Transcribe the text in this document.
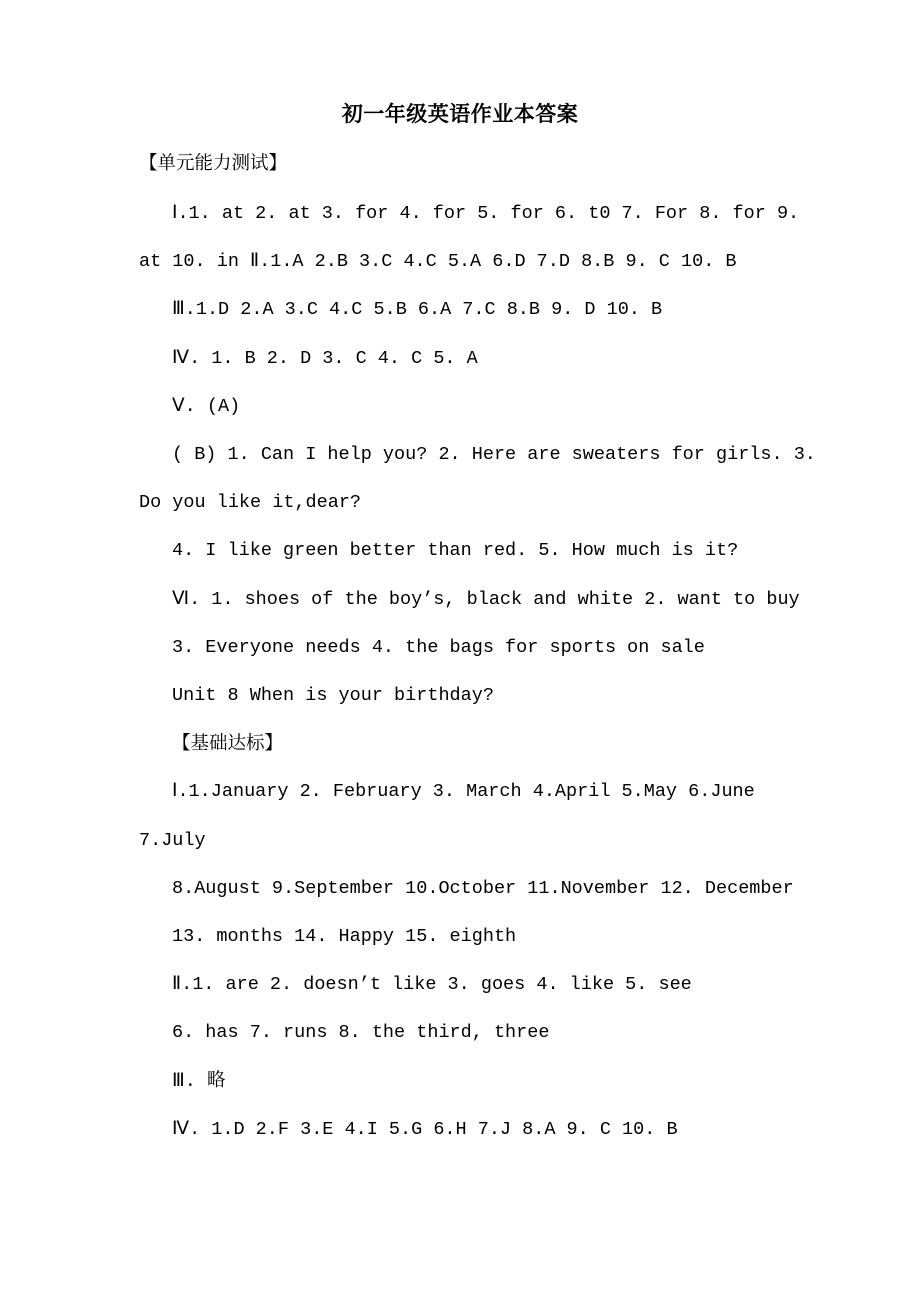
初一年级英语作业本答案
【单元能力测试】
Ⅰ.1. at 2. at 3. for 4. for 5. for 6. t0 7. For 8. for 9.
at 10. in Ⅱ.1.A 2.B 3.C 4.C 5.A 6.D 7.D 8.B 9. C 10. B
Ⅲ.1.D 2.A 3.C 4.C 5.B 6.A 7.C 8.B 9. D 10. B
Ⅳ. 1. B 2. D 3. C 4. C 5. A
Ⅴ. (A)
( B) 1. Can I help you? 2. Here are sweaters for girls. 3.
Do you like it,dear?
4. I like green better than red. 5. How much is it?
Ⅵ. 1. shoes of the boy’s, black and white 2. want to buy
3. Everyone needs 4. the bags for sports on sale
Unit 8 When is your birthday?
【基础达标】
Ⅰ.1.January 2. February 3. March 4.April 5.May 6.June
7.July
8.August 9.September 10.October 11.November 12. December
13. months 14. Happy 15. eighth
Ⅱ.1. are 2. doesn’t like 3. goes 4. like 5. see
6. has 7. runs 8. the third, three
Ⅲ. 略
Ⅳ. 1.D 2.F 3.E 4.I 5.G 6.H 7.J 8.A 9. C 10. B
